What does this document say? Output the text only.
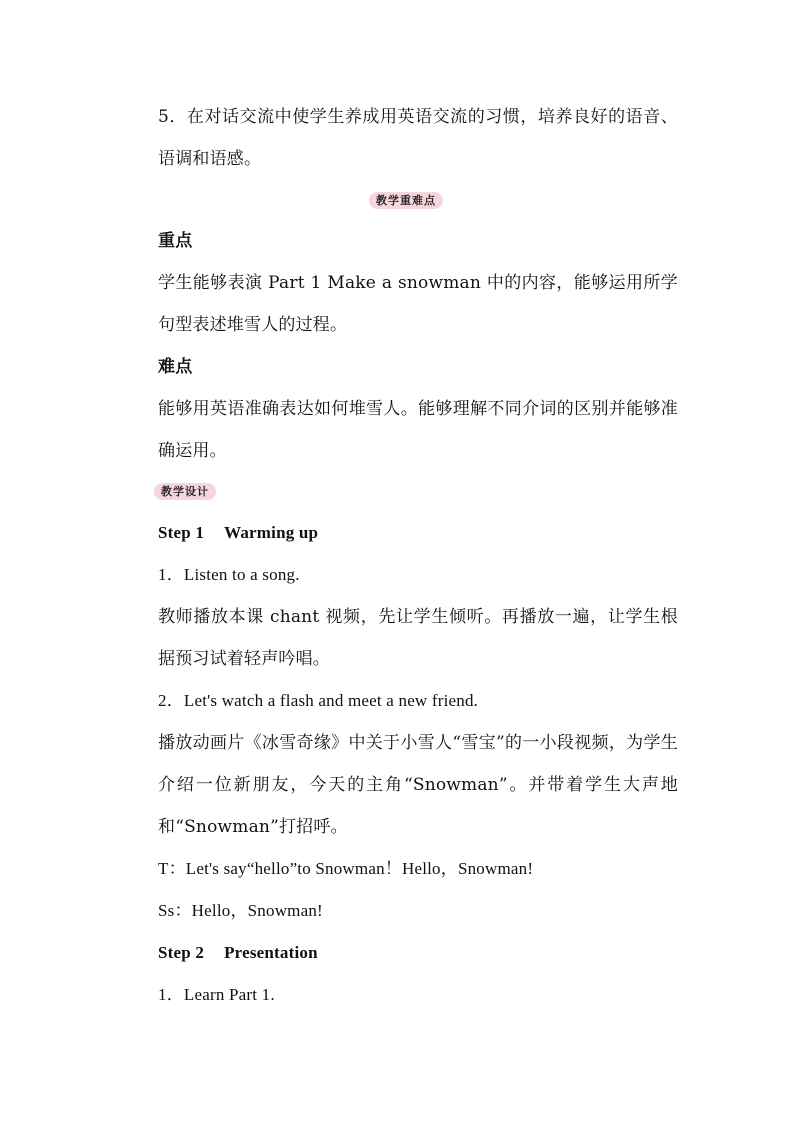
5．在对话交流中使学生养成用英语交流的习惯，培养良好的语音、语调和语感。
教学重难点
重点
学生能够表演 Part 1 Make a snowman 中的内容，能够运用所学句型表述堆雪人的过程。
难点
能够用英语准确表达如何堆雪人。能够理解不同介词的区别并能够准确运用。
教学设计
Step 1 Warming up
1．Listen to a song.
教师播放本课 chant 视频，先让学生倾听。再播放一遍，让学生根据预习试着轻声吟唱。
2．Let's watch a flash and meet a new friend.
播放动画片《冰雪奇缘》中关于小雪人“雪宝”的一小段视频，为学生介绍一位新朋友，今天的主角“Snowman”。并带着学生大声地和“Snowman”打招呼。
T：Let's say“hello”to Snowman！Hello，Snowman!
Ss：Hello，Snowman!
Step 2 Presentation
1．Learn Part 1.
